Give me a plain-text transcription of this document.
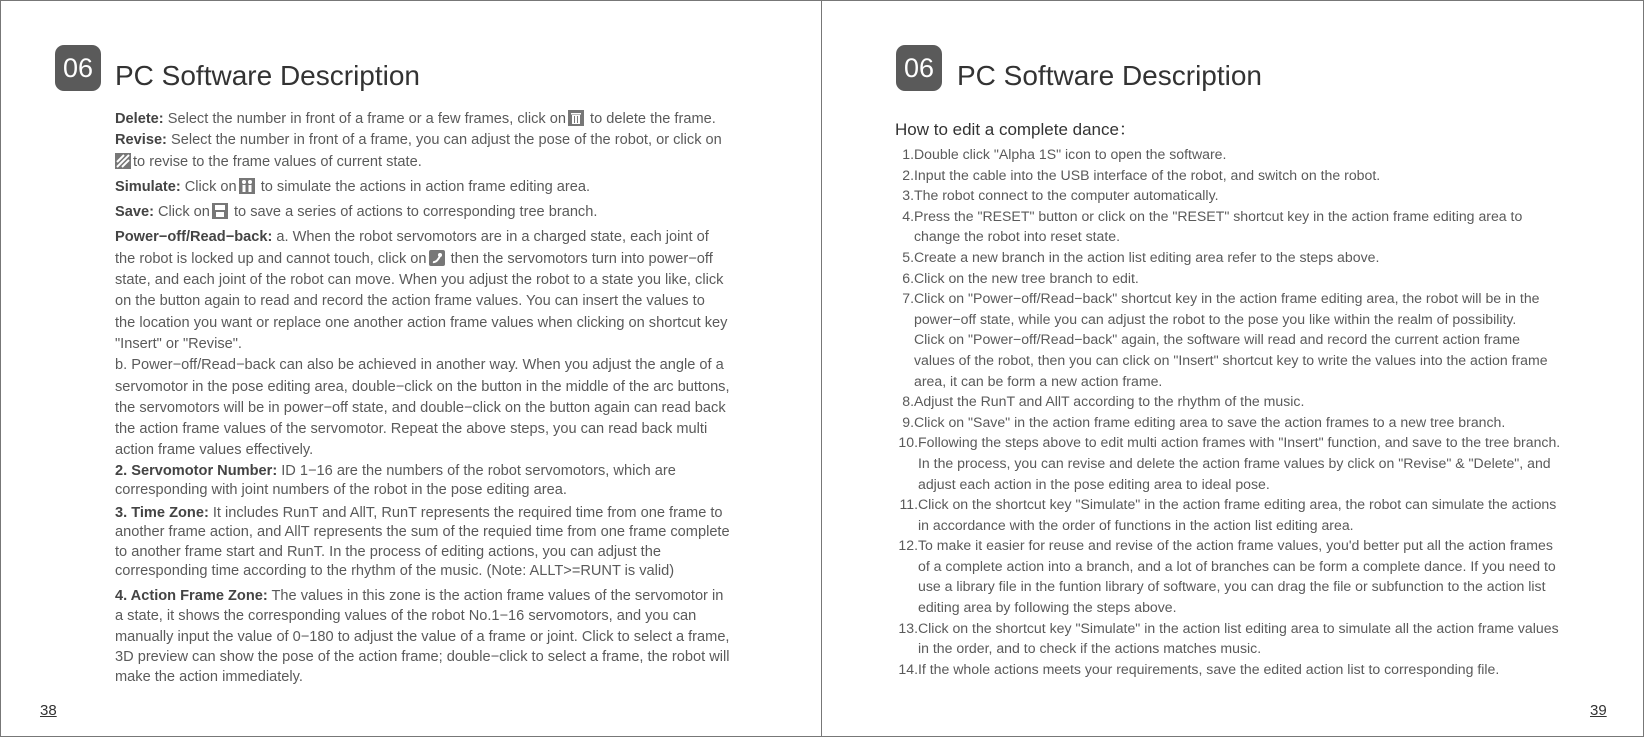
06 PC Software Description

Delete: Select the number in front of a frame or a few frames, click on to delete the frame.

Revise: Select the number in front of a frame, you can adjust the pose of the robot, or click on
to revise to the frame values of current state.

Simulate: Click on to simulate the actions in action frame editing area.

Save: Click on to save a series of actions to corresponding tree branch.

Power−off/Read−back: a. When the robot servomotors are in a charged state, each joint of
the robot is locked up and cannot touch, click on then the servomotors turn into power−off
state, and each joint of the robot can move. When you adjust the robot to a state you like, click
on the button again to read and record the action frame values. You can insert the values to
the location you want or replace one another action frame values when clicking on shortcut key
"Insert" or "Revise".
b. Power−off/Read−back can also be achieved in another way. When you adjust the angle of a
servomotor in the pose editing area, double−click on the button in the middle of the arc buttons,
the servomotors will be in power−off state, and double−click on the button again can read back
the action frame values of the servomotor. Repeat the above steps, you can read back multi
action frame values effectively.

2. Servomotor Number: ID 1−16 are the numbers of the robot servomotors, which are
corresponding with joint numbers of the robot in the pose editing area.

3. Time Zone: It includes RunT and AllT, RunT represents the required time from one frame to
another frame action, and AllT represents the sum of the requied time from one frame complete
to another frame start and RunT. In the process of editing actions, you can adjust the
corresponding time according to the rhythm of the music. (Note: ALLT>=RUNT is valid)

4. Action Frame Zone: The values in this zone is the action frame values of the servomotor in
a state, it shows the corresponding values of the robot No.1−16 servomotors, and you can
manually input the value of 0−180 to adjust the value of a frame or joint. Click to select a frame,
3D preview can show the pose of the action frame; double−click to select a frame, the robot will
make the action immediately.

38
06 PC Software Description
How to edit a complete dance：
1. Double click "Alpha 1S" icon to open the software.
2. Input the cable into the USB interface of the robot, and switch on the robot.
3. The robot connect to the computer automatically.
4. Press the "RESET" button or click on the "RESET" shortcut key in the action frame editing area to
change the robot into reset state.
5. Create a new branch in the action list editing area refer to the steps above.
6. Click on the new tree branch to edit.
7. Click on "Power−off/Read−back" shortcut key in the action frame editing area, the robot will be in the
power−off state, while you can adjust the robot to the pose you like within the realm of possibility.
Click on "Power−off/Read−back" again, the software will read and record the current action frame
values of the robot, then you can click on "Insert" shortcut key to write the values into the action frame
area, it can be form a new action frame.
8. Adjust the RunT and AllT according to the rhythm of the music.
9. Click on "Save" in the action frame editing area to save the action frames to a new tree branch.
10. Following the steps above to edit multi action frames with "Insert" function, and save to the tree branch.
In the process, you can revise and delete the action frame values by click on "Revise" & "Delete", and
adjust each action in the pose editing area to ideal pose.
11. Click on the shortcut key "Simulate" in the action frame editing area, the robot can simulate the actions
in accordance with the order of functions in the action list editing area.
12. To make it easier for reuse and revise of the action frame values, you'd better put all the action frames
of a complete action into a branch, and a lot of branches can be form a complete dance. If you need to
use a library file in the funtion library of software, you can drag the file or subfunction to the action list
editing area by following the steps above.
13. Click on the shortcut key "Simulate" in the action list editing area to simulate all the action frame values
in the order, and to check if the actions matches music.
14. If the whole actions meets your requirements, save the edited action list to corresponding file.
39
